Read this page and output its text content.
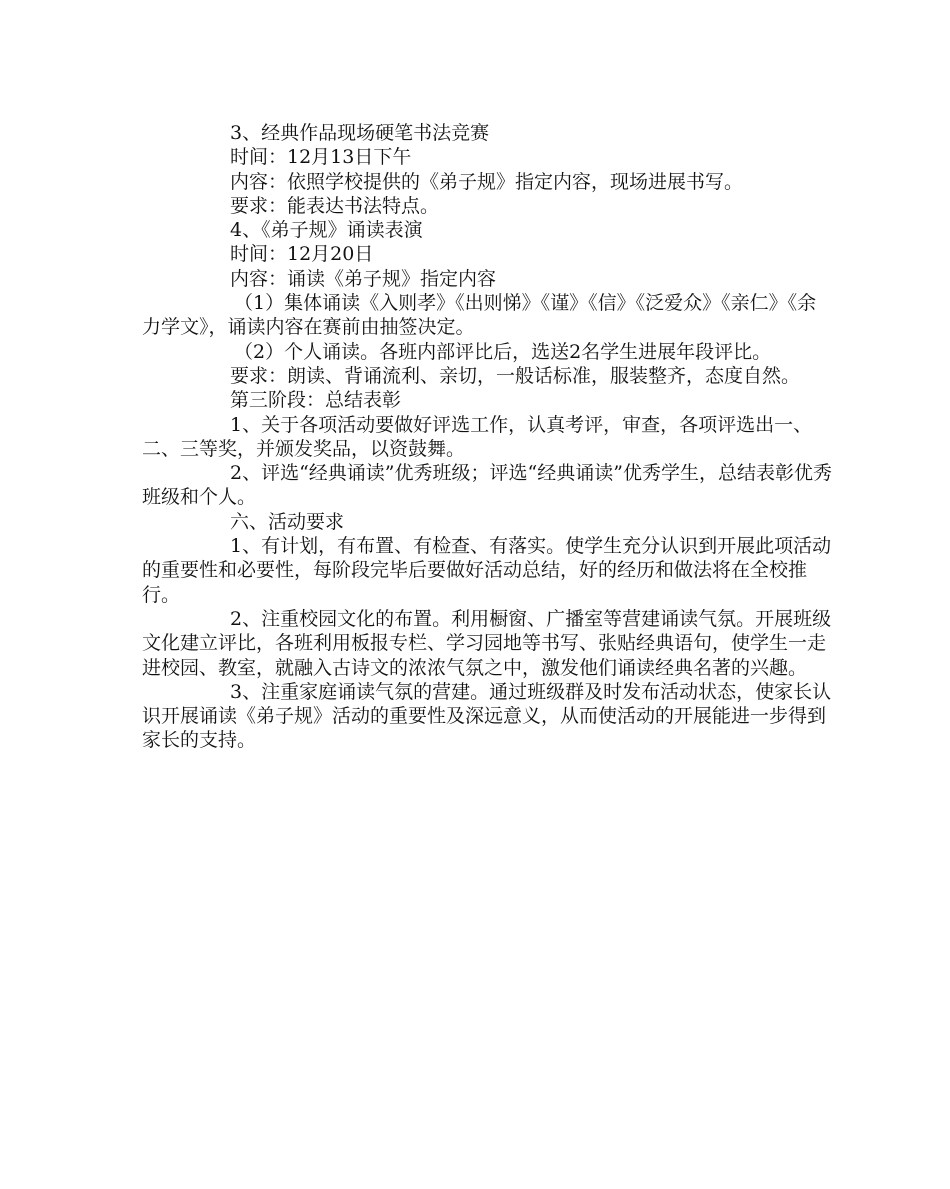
3、经典作品现场硬笔书法竞赛

时间：12月13日下午

内容：依照学校提供的《弟子规》指定内容，现场进展书写。

要求：能表达书法特点。

4、《弟子规》诵读表演

时间：12月20日

内容：诵读《弟子规》指定内容

（1）集体诵读《入则孝》《出则悌》《谨》《信》《泛爱众》《亲仁》《余力学文》，诵读内容在赛前由抽签决定。

（2）个人诵读。各班内部评比后，选送2名学生进展年段评比。

要求：朗读、背诵流利、亲切，一般话标准，服装整齐，态度自然。

第三阶段：总结表彰

1、关于各项活动要做好评选工作，认真考评，审查，各项评选出一、二、三等奖，并颁发奖品，以资鼓舞。

2、评选“经典诵读”优秀班级；评选“经典诵读”优秀学生，总结表彰优秀班级和个人。

六、活动要求

1、有计划，有布置、有检查、有落实。使学生充分认识到开展此项活动的重要性和必要性，每阶段完毕后要做好活动总结，好的经历和做法将在全校推行。

2、注重校园文化的布置。利用橱窗、广播室等营建诵读气氛。开展班级文化建立评比，各班利用板报专栏、学习园地等书写、张贴经典语句，使学生一走进校园、教室，就融入古诗文的浓浓气氛之中，激发他们诵读经典名著的兴趣。

3、注重家庭诵读气氛的营建。通过班级群及时发布活动状态，使家长认识开展诵读《弟子规》活动的重要性及深远意义，从而使活动的开展能进一步得到家长的支持。
